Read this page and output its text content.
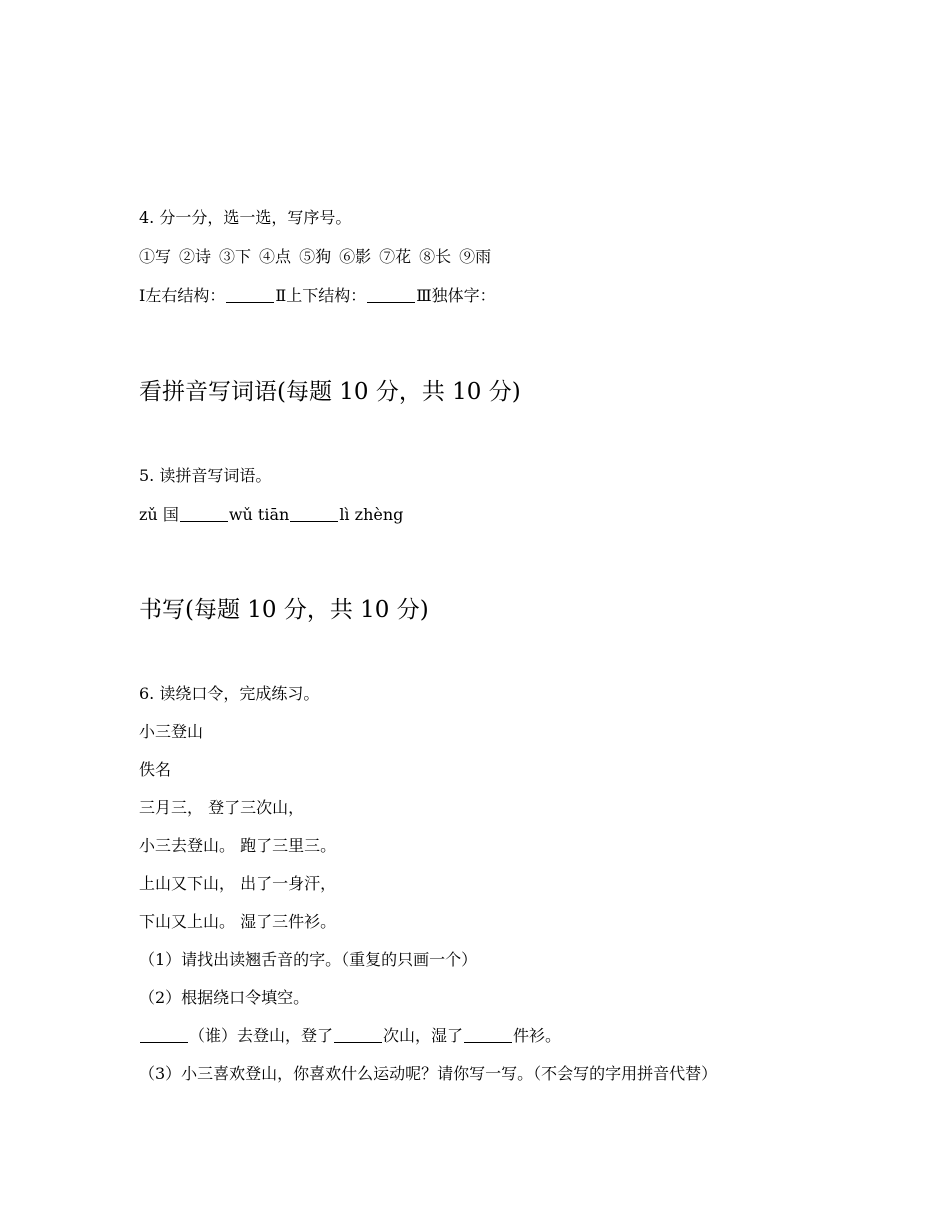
4. 分一分，选一选，写序号。
①写 ②诗 ③下 ④点 ⑤狗 ⑥影 ⑦花 ⑧长 ⑨雨
Ⅰ左右结构：	Ⅱ上下结构：	Ⅲ独体字：
看拼音写词语(每题 10 分，共 10 分)
5. 读拼音写词语。
zǔ 国	wǔ tiān	lì zhèng
书写(每题 10 分，共 10 分)
6. 读绕口令，完成练习。
小三登山
佚名
三月三， 登了三次山，
小三去登山。 跑了三里三。
上山又下山， 出了一身汗，
下山又上山。 湿了三件衫。
（1）请找出读翘舌音的字。（重复的只画一个）
（2）根据绕口令填空。
（谁）去登山，登了	次山，湿了	件衫。
（3）小三喜欢登山，你喜欢什么运动呢？请你写一写。（不会写的字用拼音代替）
